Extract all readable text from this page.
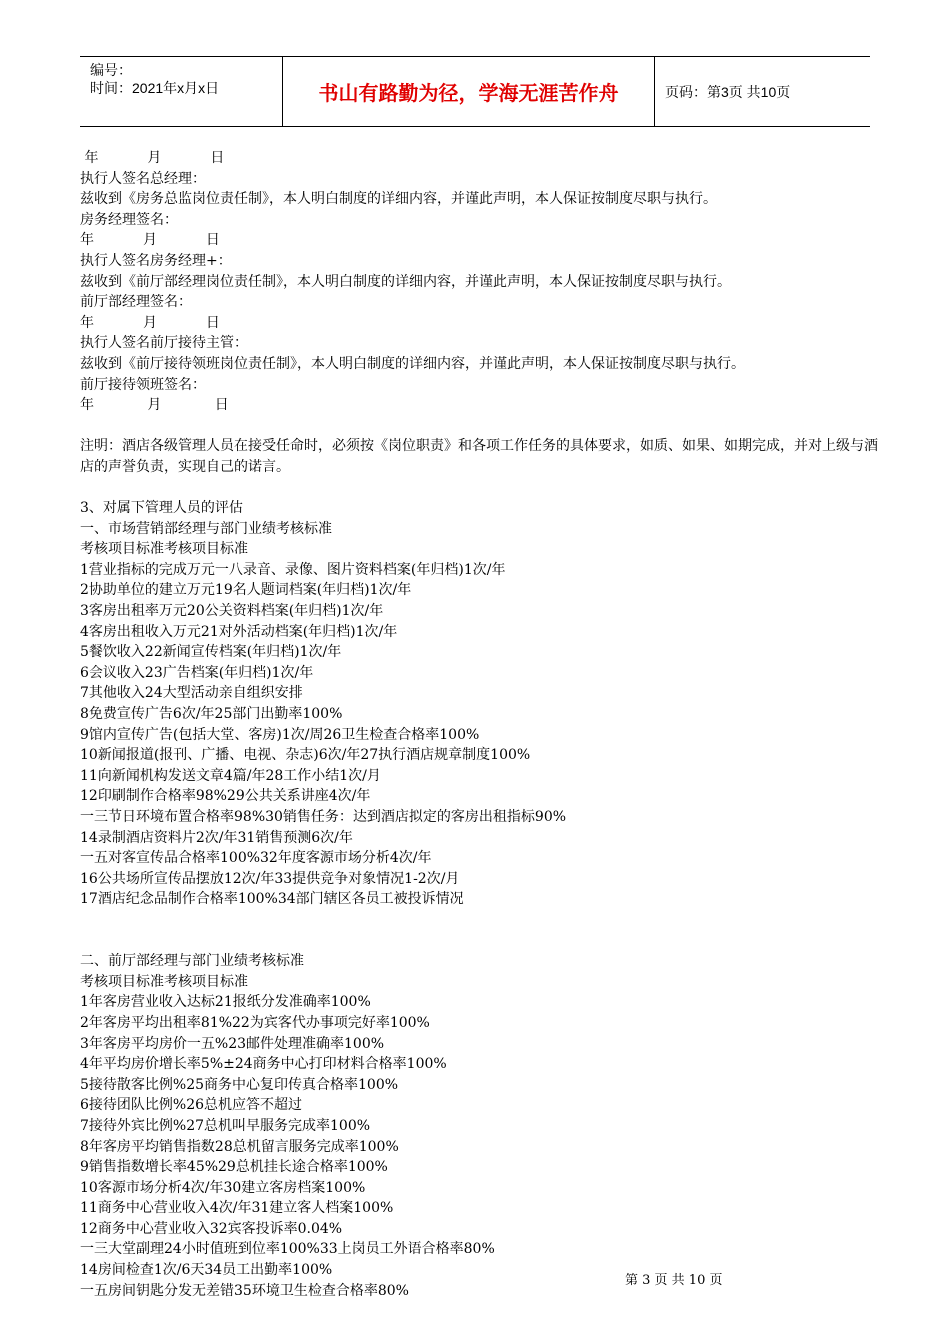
编号：
时间：2021年x月x日	书山有路勤为径，学海无涯苦作舟	页码：第3页 共10页
年           月           日
执行人签名总经理：
兹收到《房务总监岗位责任制》，本人明白制度的详细内容，并谨此声明，本人保证按制度尽职与执行。
房务经理签名：
年           月           日
执行人签名房务经理+：
兹收到《前厅部经理岗位责任制》，本人明白制度的详细内容，并谨此声明，本人保证按制度尽职与执行。
前厅部经理签名：
年           月           日
执行人签名前厅接待主管：
兹收到《前厅接待领班岗位责任制》，本人明白制度的详细内容，并谨此声明，本人保证按制度尽职与执行。
前厅接待领班签名：
年            月            日
注明：酒店各级管理人员在接受任命时，必须按《岗位职责》和各项工作任务的具体要求，如质、如果、如期完成，并对上级与酒店的声誉负责，实现自己的诺言。
3、对属下管理人员的评估
一、市场营销部经理与部门业绩考核标准
考核项目标准考核项目标准
1营业指标的完成万元一八录音、录像、图片资料档案(年归档)1次/年
2协助单位的建立万元19名人题词档案(年归档)1次/年
3客房出租率万元20公关资料档案(年归档)1次/年
4客房出租收入万元21对外活动档案(年归档)1次/年
5餐饮收入22新闻宣传档案(年归档)1次/年
6会议收入23广告档案(年归档)1次/年
7其他收入24大型活动亲自组织安排
8免费宣传广告6次/年25部门出勤率100%
9馆内宣传广告(包括大堂、客房)1次/周26卫生检查合格率100%
10新闻报道(报刊、广播、电视、杂志)6次/年27执行酒店规章制度100%
11向新闻机构发送文章4篇/年28工作小结1次/月
12印刷制作合格率98%29公共关系讲座4次/年
一三节日环境布置合格率98%30销售任务：达到酒店拟定的客房出租指标90%
14录制酒店资料片2次/年31销售预测6次/年
一五对客宣传品合格率100%32年度客源市场分析4次/年
16公共场所宣传品摆放12次/年33提供竞争对象情况1-2次/月
17酒店纪念品制作合格率100%34部门辖区各员工被投诉情况
二、前厅部经理与部门业绩考核标准
考核项目标准考核项目标准
1年客房营业收入达标21报纸分发准确率100%
2年客房平均出租率81%22为宾客代办事项完好率100%
3年客房平均房价一五%23邮件处理准确率100%
4年平均房价增长率5%±24商务中心打印材料合格率100%
5接待散客比例%25商务中心复印传真合格率100%
6接待团队比例%26总机应答不超过
7接待外宾比例%27总机叫早服务完成率100%
8年客房平均销售指数28总机留言服务完成率100%
9销售指数增长率45%29总机挂长途合格率100%
10客源市场分析4次/年30建立客房档案100%
11商务中心营业收入4次/年31建立客人档案100%
12商务中心营业收入32宾客投诉率0.04%
一三大堂副理24小时值班到位率100%33上岗员工外语合格率80%
14房间检查1次/6天34员工出勤率100%
一五房间钥匙分发无差错35环境卫生检查合格率80%
第 3 页 共 10 页
